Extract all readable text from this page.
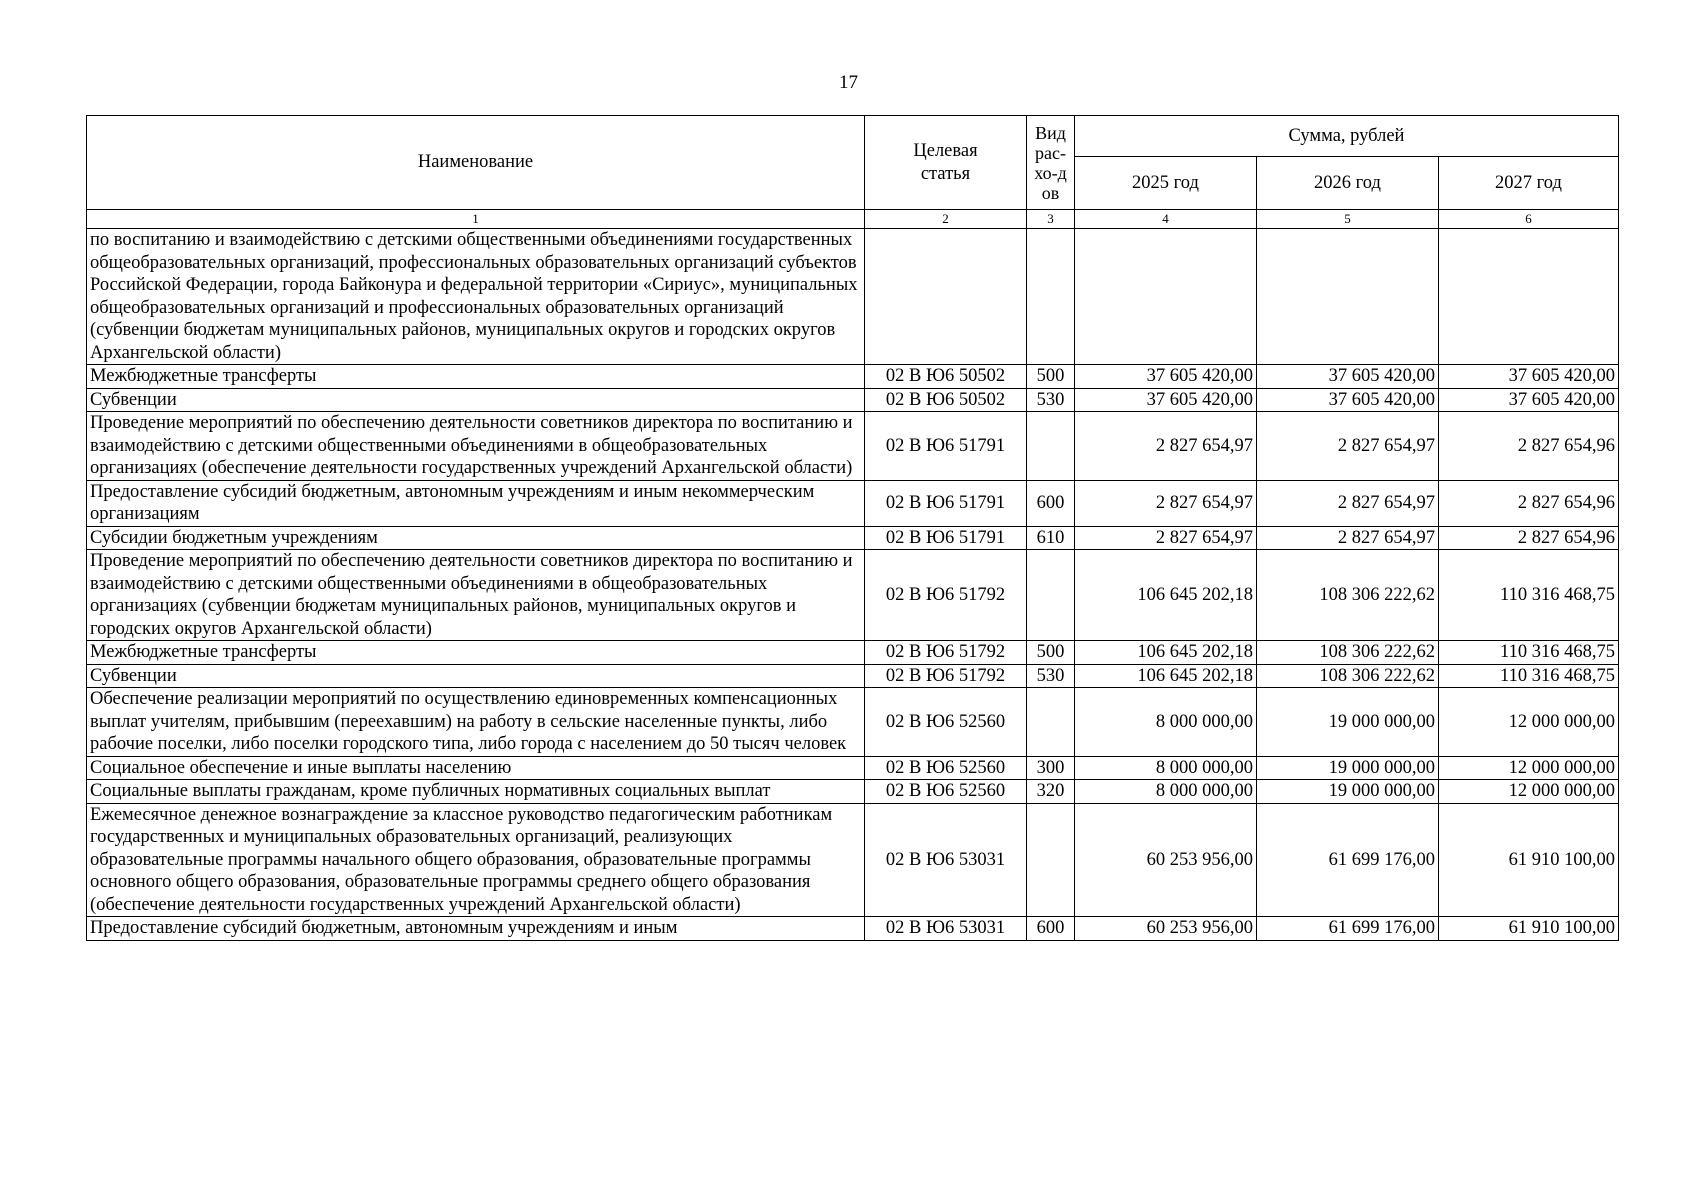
17
Наименование	Целевая статья	Вид рас-хо-дов	Сумма, рублей		
			2025 год	2026 год	2027 год
1	2	3	4	5	6
по воспитанию и взаимодействию с детскими общественными объединениями государственных общеобразовательных организаций, профессиональных образовательных организаций субъектов Российской Федерации, города Байконура и федеральной территории «Сириус», муниципальных общеобразовательных организаций и профессиональных образовательных организаций (субвенции бюджетам муниципальных районов, муниципальных округов и городских округов Архангельской области)					
Межбюджетные трансферты	02 В Ю6 50502	500	37 605 420,00	37 605 420,00	37 605 420,00
Субвенции	02 В Ю6 50502	530	37 605 420,00	37 605 420,00	37 605 420,00
Проведение мероприятий по обеспечению деятельности советников директора по воспитанию и взаимодействию с детскими общественными объединениями в общеобразовательных организациях (обеспечение деятельности государственных учреждений Архангельской области)	02 В Ю6 51791		2 827 654,97	2 827 654,97	2 827 654,96
Предоставление субсидий бюджетным, автономным учреждениям и иным некоммерческим организациям	02 В Ю6 51791	600	2 827 654,97	2 827 654,97	2 827 654,96
Субсидии бюджетным учреждениям	02 В Ю6 51791	610	2 827 654,97	2 827 654,97	2 827 654,96
Проведение мероприятий по обеспечению деятельности советников директора по воспитанию и взаимодействию с детскими общественными объединениями в общеобразовательных организациях (субвенции бюджетам муниципальных районов, муниципальных округов и городских округов Архангельской области)	02 В Ю6 51792		106 645 202,18	108 306 222,62	110 316 468,75
Межбюджетные трансферты	02 В Ю6 51792	500	106 645 202,18	108 306 222,62	110 316 468,75
Субвенции	02 В Ю6 51792	530	106 645 202,18	108 306 222,62	110 316 468,75
Обеспечение реализации мероприятий по осуществлению единовременных компенсационных выплат учителям, прибывшим (переехавшим) на работу в сельские населенные пункты, либо рабочие поселки, либо поселки городского типа, либо города с населением до 50 тысяч человек	02 В Ю6 52560		8 000 000,00	19 000 000,00	12 000 000,00
Социальное обеспечение и иные выплаты населению	02 В Ю6 52560	300	8 000 000,00	19 000 000,00	12 000 000,00
Социальные выплаты гражданам, кроме публичных нормативных социальных выплат	02 В Ю6 52560	320	8 000 000,00	19 000 000,00	12 000 000,00
Ежемесячное денежное вознаграждение за классное руководство педагогическим работникам государственных и муниципальных образовательных организаций, реализующих образовательные программы начального общего образования, образовательные программы основного общего образования, образовательные программы среднего общего образования (обеспечение деятельности государственных учреждений Архангельской области)	02 В Ю6 53031		60 253 956,00	61 699 176,00	61 910 100,00
Предоставление субсидий бюджетным, автономным учреждениям и иным	02 В Ю6 53031	600	60 253 956,00	61 699 176,00	61 910 100,00
